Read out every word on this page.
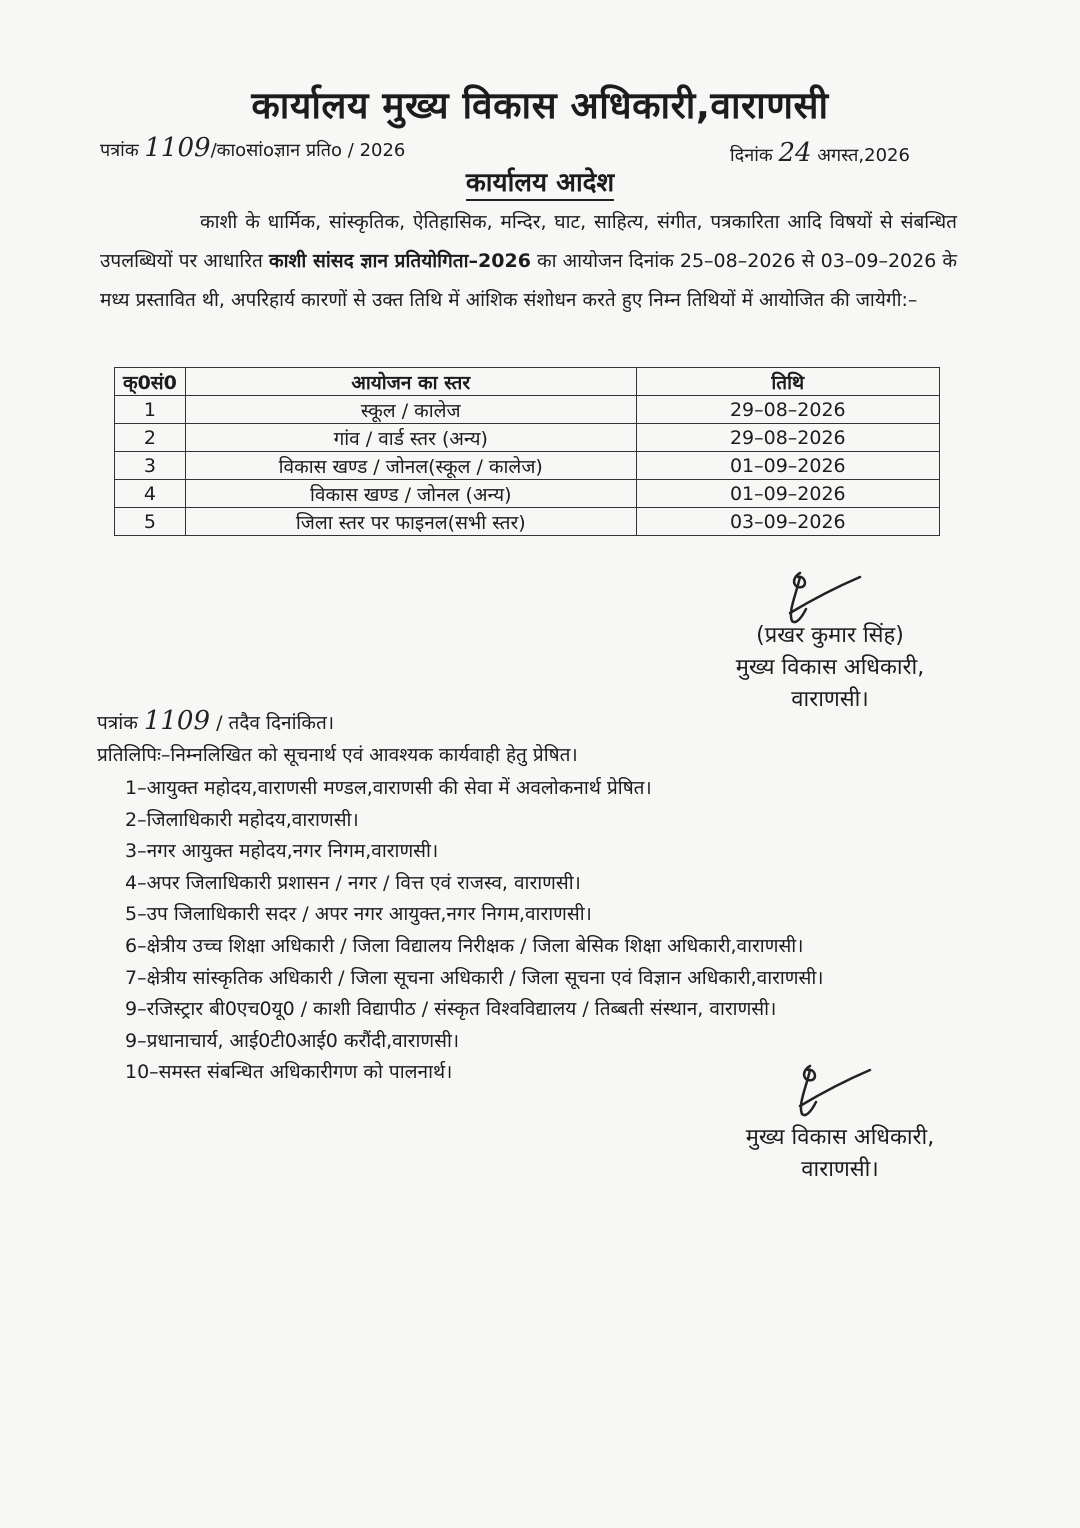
कार्यालय मुख्य विकास अधिकारी,वाराणसी
पत्रांक 1109/काoसांoज्ञान प्रतिo / 2026	दिनांक 24 अगस्त,2026
कार्यालय आदेश
काशी के धार्मिक, सांस्कृतिक, ऐतिहासिक, मन्दिर, घाट, साहित्य, संगीत, पत्रकारिता आदि विषयों से संबन्धित उपलब्धियों पर आधारित काशी सांसद ज्ञान प्रतियोगिता–2026 का आयोजन दिनांक 25–08–2026 से 03–09–2026 के मध्य प्रस्तावित थी, अपरिहार्य कारणों से उक्त तिथि में आंशिक संशोधन करते हुए निम्न तिथियों में आयोजित की जायेगी:–
क्0सं0	आयोजन का स्तर	तिथि
1	स्कूल / कालेज	29–08–2026
2	गांव / वार्ड स्तर (अन्य)	29–08–2026
3	विकास खण्ड / जोनल(स्कूल / कालेज)	01–09–2026
4	विकास खण्ड / जोनल (अन्य)	01–09–2026
5	जिला स्तर पर फाइनल(सभी स्तर)	03–09–2026
(प्रखर कुमार सिंह)
मुख्य विकास अधिकारी,
वाराणसी।
पत्रांक 1109 / तदैव दिनांकित।
प्रतिलिपिः–निम्नलिखित को सूचनार्थ एवं आवश्यक कार्यवाही हेतु प्रेषित।
1–आयुक्त महोदय,वाराणसी मण्डल,वाराणसी की सेवा में अवलोकनार्थ प्रेषित।
2–जिलाधिकारी महोदय,वाराणसी।
3–नगर आयुक्त महोदय,नगर निगम,वाराणसी।
4–अपर जिलाधिकारी प्रशासन / नगर / वित्त एवं राजस्व, वाराणसी।
5–उप जिलाधिकारी सदर / अपर नगर आयुक्त,नगर निगम,वाराणसी।
6–क्षेत्रीय उच्च शिक्षा अधिकारी / जिला विद्यालय निरीक्षक / जिला बेसिक शिक्षा अधिकारी,वाराणसी।
7–क्षेत्रीय सांस्कृतिक अधिकारी / जिला सूचना अधिकारी / जिला सूचना एवं विज्ञान अधिकारी,वाराणसी।
9–रजिस्ट्रार बी0एच0यू0 / काशी विद्यापीठ / संस्कृत विश्वविद्यालय / तिब्बती संस्थान, वाराणसी।
9–प्रधानाचार्य, आई0टी0आई0 करौंदी,वाराणसी।
10–समस्त संबन्धित अधिकारीगण को पालनार्थ।
मुख्य विकास अधिकारी,
वाराणसी।
